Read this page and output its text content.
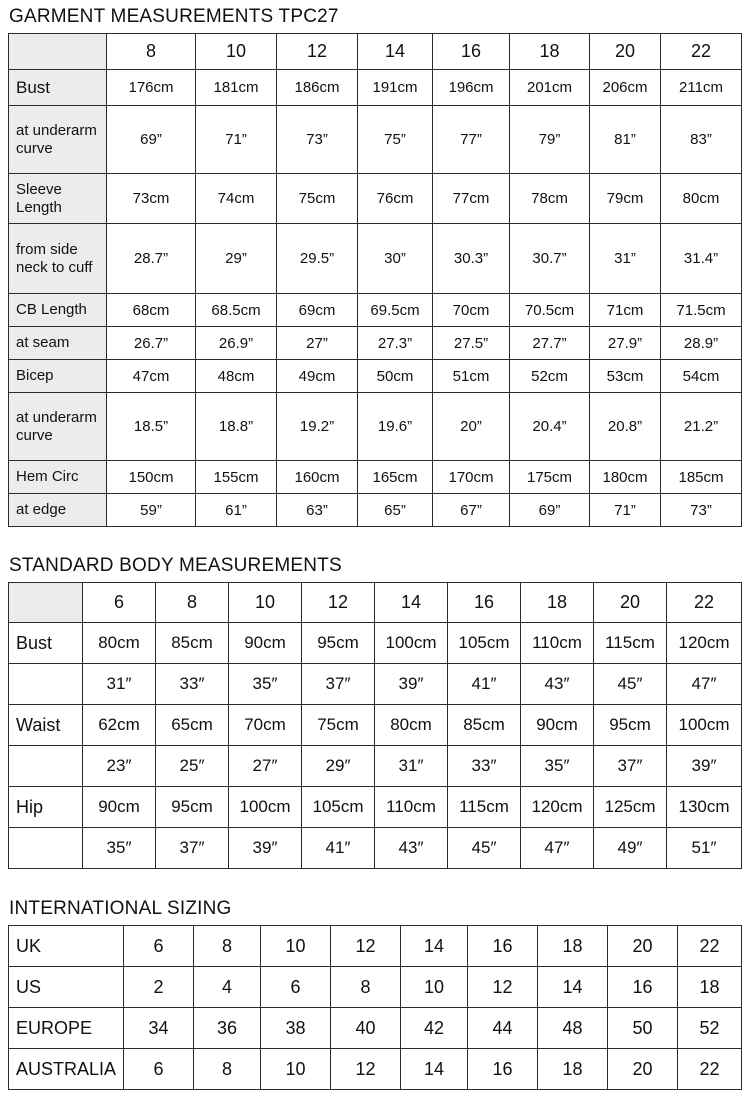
GARMENT MEASUREMENTS TPC27
	8	10	12	14	16	18	20	22
Bust	176cm	181cm	186cm	191cm	196cm	201cm	206cm	211cm
at underarm curve	69”	71”	73”	75”	77”	79”	81”	83”
Sleeve Length	73cm	74cm	75cm	76cm	77cm	78cm	79cm	80cm
from side neck to cuff	28.7”	29”	29.5”	30”	30.3”	30.7”	31”	31.4”
CB Length	68cm	68.5cm	69cm	69.5cm	70cm	70.5cm	71cm	71.5cm
at seam	26.7”	26.9”	27”	27.3”	27.5”	27.7”	27.9”	28.9”
Bicep	47cm	48cm	49cm	50cm	51cm	52cm	53cm	54cm
at underarm curve	18.5”	18.8”	19.2”	19.6”	20”	20.4”	20.8”	21.2”
Hem Circ	150cm	155cm	160cm	165cm	170cm	175cm	180cm	185cm
at edge	59”	61”	63”	65”	67”	69”	71”	73”
STANDARD BODY MEASUREMENTS
	6	8	10	12	14	16	18	20	22
Bust	80cm	85cm	90cm	95cm	100cm	105cm	110cm	115cm	120cm
	31″	33″	35″	37″	39″	41″	43″	45″	47″
Waist	62cm	65cm	70cm	75cm	80cm	85cm	90cm	95cm	100cm
	23″	25″	27″	29″	31″	33″	35″	37″	39″
Hip	90cm	95cm	100cm	105cm	110cm	115cm	120cm	125cm	130cm
	35″	37″	39″	41″	43″	45″	47″	49″	51″
INTERNATIONAL SIZING
UK	6	8	10	12	14	16	18	20	22
US	2	4	6	8	10	12	14	16	18
EUROPE	34	36	38	40	42	44	48	50	52
AUSTRALIA	6	8	10	12	14	16	18	20	22
